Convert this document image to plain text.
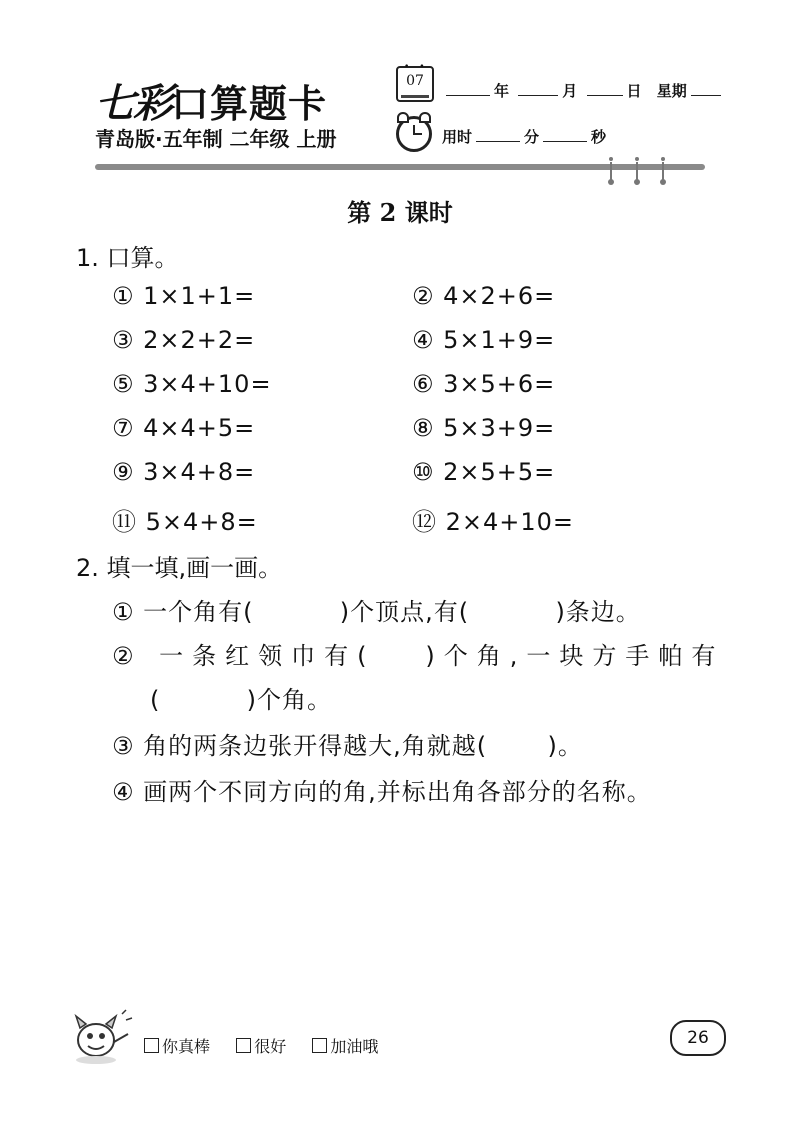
七彩口算题卡
青岛版·五年制 二年级 上册
••
07
年	月	日 星期
用时	分	秒
第 2 课时
1. 口算。
① 1×1+1=	② 4×2+6=
③ 2×2+2=	④ 5×1+9=
⑤ 3×4+10=	⑥ 3×5+6=
⑦ 4×4+5=	⑧ 5×3+9=
⑨ 3×4+8=	⑩ 2×5+5=
⑪ 5×4+8=	⑫ 2×4+10=
2. 填一填,画一画。
① 一个角有(          )个顶点,有(          )条边。
② 一条红领巾有(   )个角,一块方手帕有
(          )个角。
③ 角的两条边张开得越大,角就越(       )。
④ 画两个不同方向的角,并标出角各部分的名称。
你真棒	很好	加油哦	26
